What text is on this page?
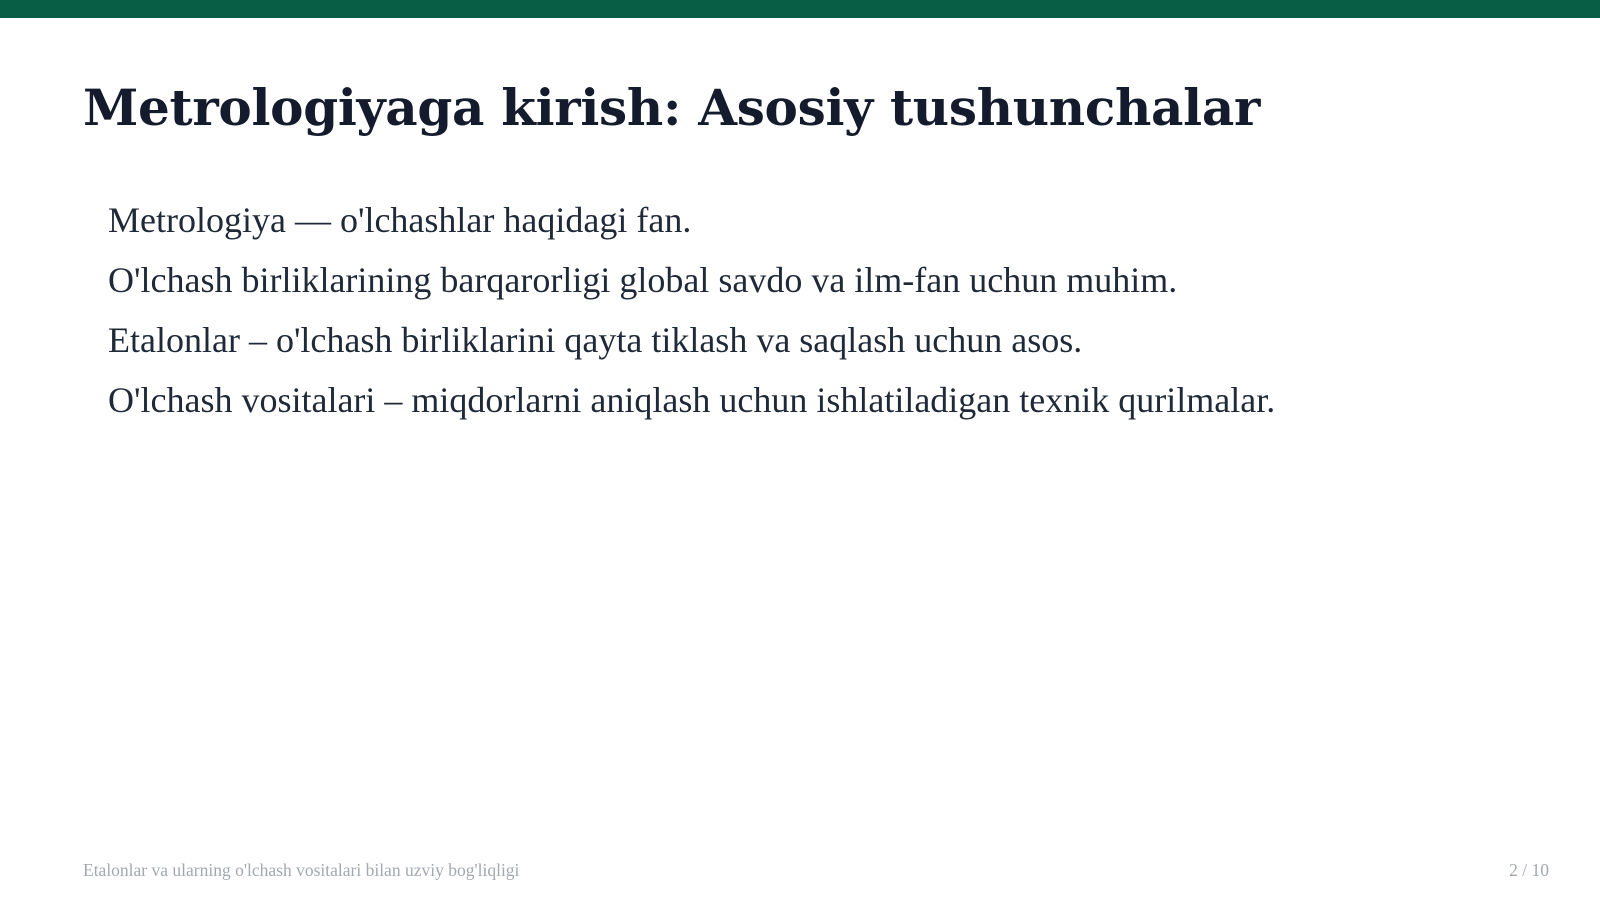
Metrologiyaga kirish: Asosiy tushunchalar
Metrologiya — o'lchashlar haqidagi fan.
O'lchash birliklarining barqarorligi global savdo va ilm-fan uchun muhim.
Etalonlar – o'lchash birliklarini qayta tiklash va saqlash uchun asos.
O'lchash vositalari – miqdorlarni aniqlash uchun ishlatiladigan texnik qurilmalar.
Etalonlar va ularning o'lchash vositalari bilan uzviy bog'liqligi	2 / 10
